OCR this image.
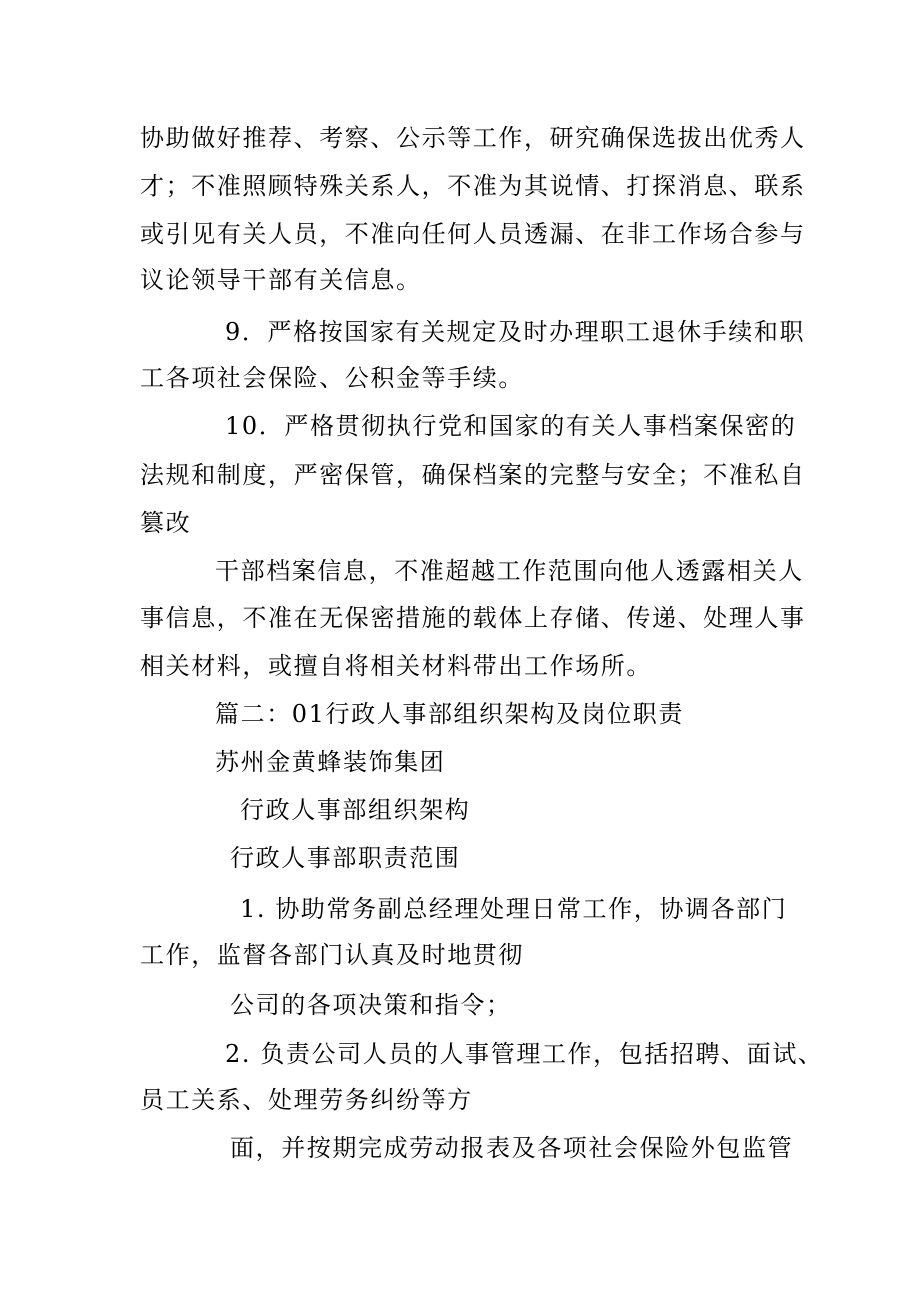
协助做好推荐、考察、公示等工作，研究确保选拔出优秀人
才；不准照顾特殊关系人，不准为其说情、打探消息、联系
或引见有关人员，不准向任何人员透漏、在非工作场合参与
议论领导干部有关信息。
9．严格按国家有关规定及时办理职工退休手续和职
工各项社会保险、公积金等手续。
10．严格贯彻执行党和国家的有关人事档案保密的
法规和制度，严密保管，确保档案的完整与安全；不准私自
篡改
干部档案信息，不准超越工作范围向他人透露相关人
事信息，不准在无保密措施的载体上存储、传递、处理人事
相关材料，或擅自将相关材料带出工作场所。
篇二：01行政人事部组织架构及岗位职责
苏州金黄蜂装饰集团
行政人事部组织架构
行政人事部职责范围
1. 协助常务副总经理处理日常工作，协调各部门
工作，监督各部门认真及时地贯彻
公司的各项决策和指令；
2. 负责公司人员的人事管理工作，包括招聘、面试、
员工关系、处理劳务纠纷等方
面，并按期完成劳动报表及各项社会保险外包监管
